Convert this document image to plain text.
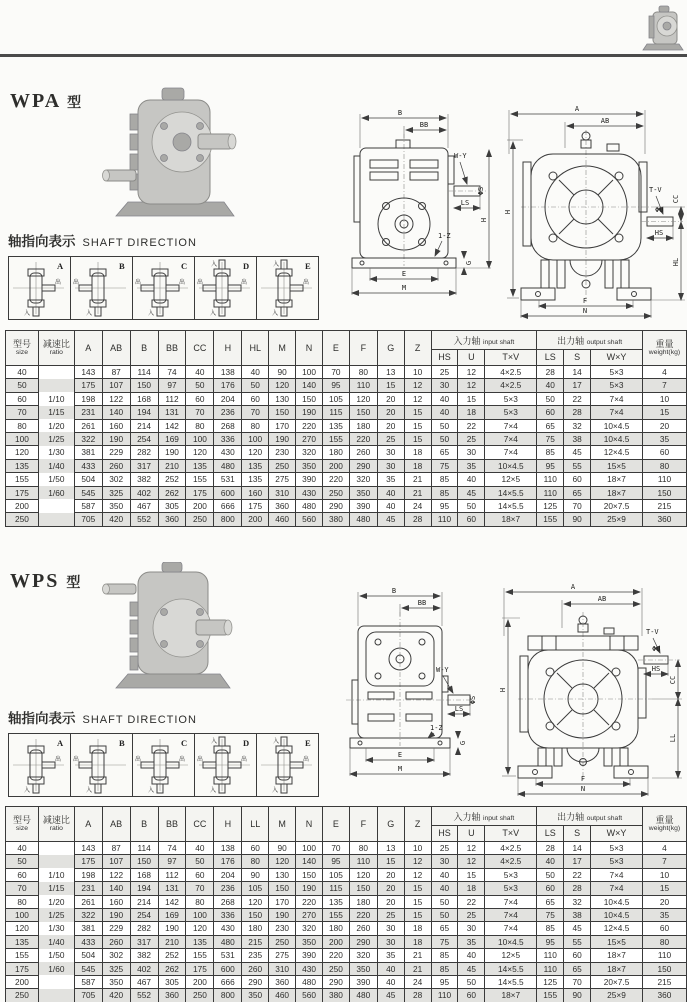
WPA 型
B
BB
W-Y
ΦS
LS
1-Z
G
E
M
H
A
AB
H
T-V
ΦU
HS
CC
HL
F
N
轴指向表示 SHAFT DIRECTION
出
入
A
出
入
B
出
出
入
C
出
出
入
入
D
出
入
入
E
型号
size	减速比
ratio	A	AB	B	BB	CC	H	HL	M	N	E	F	G	Z	入力轴 input shaft			出力轴 output shaft			重量
weight(kg)

															HS	U	T×V	LS	S	W×Y	

40		143	87	114	74	40	138	40	90	100	70	80	13	10	25	12	4×2.5	28	14	5×3	4
50		175	107	150	97	50	176	50	120	140	95	110	15	12	30	12	4×2.5	40	17	5×3	7
60	1/10	198	122	168	112	60	204	60	130	150	105	120	20	12	40	15	5×3	50	22	7×4	10
70	1/15	231	140	194	131	70	236	70	150	190	115	150	20	15	40	18	5×3	60	28	7×4	15
80	1/20	261	160	214	142	80	268	80	170	220	135	180	20	15	50	22	7×4	65	32	10×4.5	20
100	1/25	322	190	254	169	100	336	100	190	270	155	220	25	15	50	25	7×4	75	38	10×4.5	35
120	1/30	381	229	282	190	120	430	120	230	320	180	260	30	18	65	30	7×4	85	45	12×4.5	60
135	1/40	433	260	317	210	135	480	135	250	350	200	290	30	18	75	35	10×4.5	95	55	15×5	80
155	1/50	504	302	382	252	155	531	135	275	390	220	320	35	21	85	40	12×5	110	60	18×7	110
175	1/60	545	325	402	262	175	600	160	310	430	250	350	40	21	85	45	14×5.5	110	65	18×7	150
200		587	350	467	305	200	666	175	360	480	290	390	40	24	95	50	14×5.5	125	70	20×7.5	215
250		705	420	552	360	250	800	200	460	560	380	480	45	28	110	60	18×7	155	90	25×9	360
WPS 型	B
BB
W-Y
ΦS
LS
1-Z
G
E
M
A
AB
H
T-V
ΦU
HS
CC
LL
F
N
轴指向表示 SHAFT DIRECTION
出
入
A
出
入
B
出
出
入
C
出
出
入
入
D
出
入
入
E
型号
size	减速比
ratio	A	AB	B	BB	CC	H	LL	M	N	E	F	G	Z	入力轴 input shaft			出力轴 output shaft			重量
weight(kg)

															HS	U	T×V	LS	S	W×Y	

40		143	87	114	74	40	138	60	90	100	70	80	13	10	25	12	4×2.5	28	14	5×3	4
50		175	107	150	97	50	176	80	120	140	95	110	15	12	30	12	4×2.5	40	17	5×3	7
60	1/10	198	122	168	112	60	204	90	130	150	105	120	20	12	40	15	5×3	50	22	7×4	10
70	1/15	231	140	194	131	70	236	105	150	190	115	150	20	15	40	18	5×3	60	28	7×4	15
80	1/20	261	160	214	142	80	268	120	170	220	135	180	20	15	50	22	7×4	65	32	10×4.5	20
100	1/25	322	190	254	169	100	336	150	190	270	155	220	25	15	50	25	7×4	75	38	10×4.5	35
120	1/30	381	229	282	190	120	430	180	230	320	180	260	30	18	65	30	7×4	85	45	12×4.5	60
135	1/40	433	260	317	210	135	480	215	250	350	200	290	30	18	75	35	10×4.5	95	55	15×5	80
155	1/50	504	302	382	252	155	531	235	275	390	220	320	35	21	85	40	12×5	110	60	18×7	110
175	1/60	545	325	402	262	175	600	260	310	430	250	350	40	21	85	45	14×5.5	110	65	18×7	150
200		587	350	467	305	200	666	290	360	480	290	390	40	24	95	50	14×5.5	125	70	20×7.5	215
250		705	420	552	360	250	800	350	460	560	380	480	45	28	110	60	18×7	155	90	25×9	360
